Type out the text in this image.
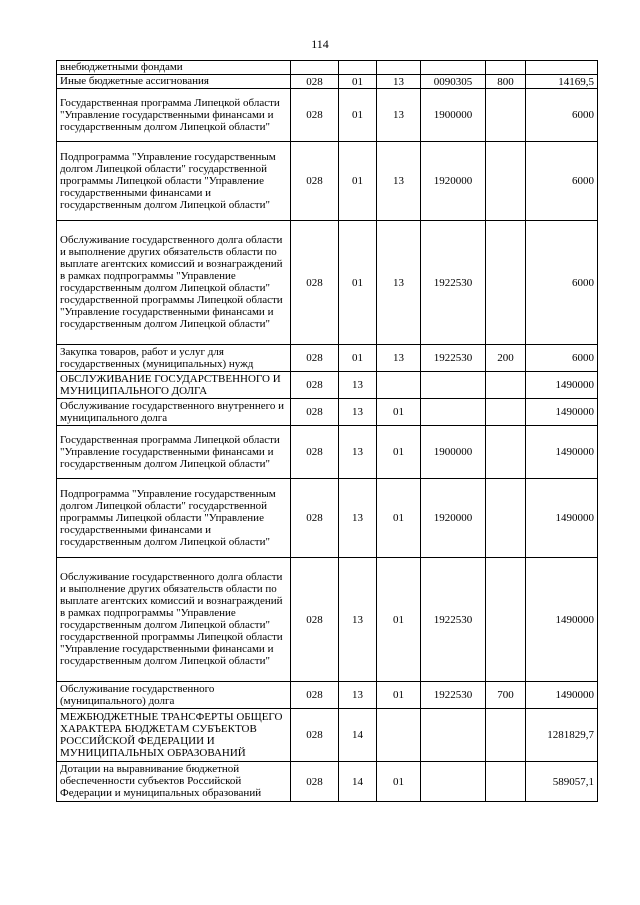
114
внебюджетными фондами						
Иные бюджетные ассигнования	028	01	13	0090305	800	14169,5
Государственная программа Липецкой области "Управление государственными финансами и государственным долгом Липецкой области"	028	01	13	1900000		6000
Подпрограмма "Управление государственным долгом Липецкой области" государственной программы Липецкой области "Управление государственными финансами и государственным долгом Липецкой области"	028	01	13	1920000		6000
Обслуживание государственного долга области и выполнение других обязательств области по выплате агентских комиссий и вознаграждений в рамках подпрограммы "Управление государственным долгом Липецкой области" государственной программы Липецкой области "Управление государственными финансами и государственным долгом Липецкой области"	028	01	13	1922530		6000
Закупка товаров, работ и услуг для государственных (муниципальных) нужд	028	01	13	1922530	200	6000
ОБСЛУЖИВАНИЕ ГОСУДАРСТВЕННОГО И МУНИЦИПАЛЬНОГО ДОЛГА	028	13				1490000
Обслуживание государственного внутреннего и муниципального долга	028	13	01			1490000
Государственная программа Липецкой области "Управление государственными финансами и государственным долгом Липецкой области"	028	13	01	1900000		1490000
Подпрограмма "Управление государственным долгом Липецкой области" государственной программы Липецкой области "Управление государственными финансами и государственным долгом Липецкой области"	028	13	01	1920000		1490000
Обслуживание государственного долга области и выполнение других обязательств области по выплате агентских комиссий и вознаграждений в рамках подпрограммы "Управление государственным долгом Липецкой области" государственной программы Липецкой области "Управление государственными финансами и государственным долгом Липецкой области"	028	13	01	1922530		1490000
Обслуживание государственного (муниципального) долга	028	13	01	1922530	700	1490000
МЕЖБЮДЖЕТНЫЕ ТРАНСФЕРТЫ ОБЩЕГО ХАРАКТЕРА БЮДЖЕТАМ СУБЪЕКТОВ РОССИЙСКОЙ ФЕДЕРАЦИИ И МУНИЦИПАЛЬНЫХ ОБРАЗОВАНИЙ	028	14				1281829,7
Дотации на выравнивание бюджетной обеспеченности субъектов Российской Федерации и муниципальных образований	028	14	01			589057,1
